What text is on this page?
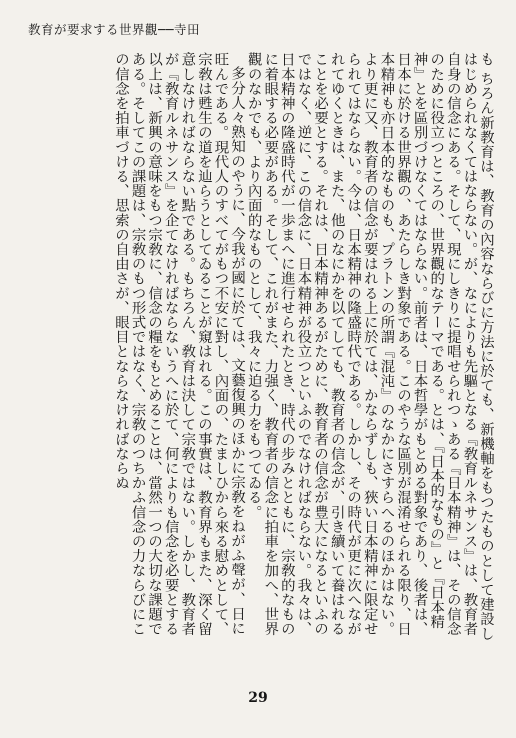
教育が要求する世界觀──寺田

も ちろん新教育は、教育の內容ならびに方法に於ても、新機軸をもつたものとして建設しはじめられなくてはならない。が、なによりも先驅となる『敎育ルネサンス』は、教育者自身の信念にある。そして、現にしきりに提唱せられつゝある『日本精神』は、その信念のために役立つところの、世界觀的なテーマである。とは、『日本的なもの』と『日本精神』とを區別づけなくてはならない。前者は、日本哲學がもとめる對象であり、後者は、日本に於ける世界觀の、あたらしき對象である。このやうな區別が混淆せられる限り、日本精神も亦日本的なものも、プラトンの所謂『混沌』のなかにさすらへるのほかはない。より更に又、教育者の信念が要はれる上に於ては、かならずしも、狹い日本精神に限定せられてはならない。今は、日本精神の隆盛時代である。しかし、その時代が更に次へながれてゆくときは、また、他のなにかを以てしても、教育者の信念が、引き續いて養はれることを必要とする。それは、日本精神あるがために、教育者の信念が豊大になるといふのではなく、逆に、この信念に、日本精神が役立つといふのでなければならない。我々は、日本精神の隆盛時代が一歩まへに進行せられたとき、時代の步みとともに、宗敎的なものに着眼する必要がある。そして、これがまた、力强く、教育者の信念に拍車を加へ、世界觀のなかでも、より內面的なものとして、我々に迫る力をもつてゐる。

多分人々熟知のやうに、今我が國に於ては、文藝復興のほかに宗敎をねがふ聲が、日に旺んである。現代人のすべてがもつ不安に對し、內面の、たましひから來る慰めとして、宗敎は甦生の道を辿らうとしてゐることが窺はれる。この事實は、教育界もまた、深く留意しなければならない點である。もちろん、敎育は決して宗敎ではない。しかし、教育者が『敎育ルネサンス』を企てなければならないうへに於て、何によりも信念を必要とする以上は、新興の意味をもつ宗敎に、信念の糧をもとめることは、當然一つの大切な課題である。そしてこの課題は、宗敎のもつ形式ではなく、宗敎のつちかふ信念の力ならびにこの信念を拍車づける、思索の自由さが、眼目とならなければならぬ

29
